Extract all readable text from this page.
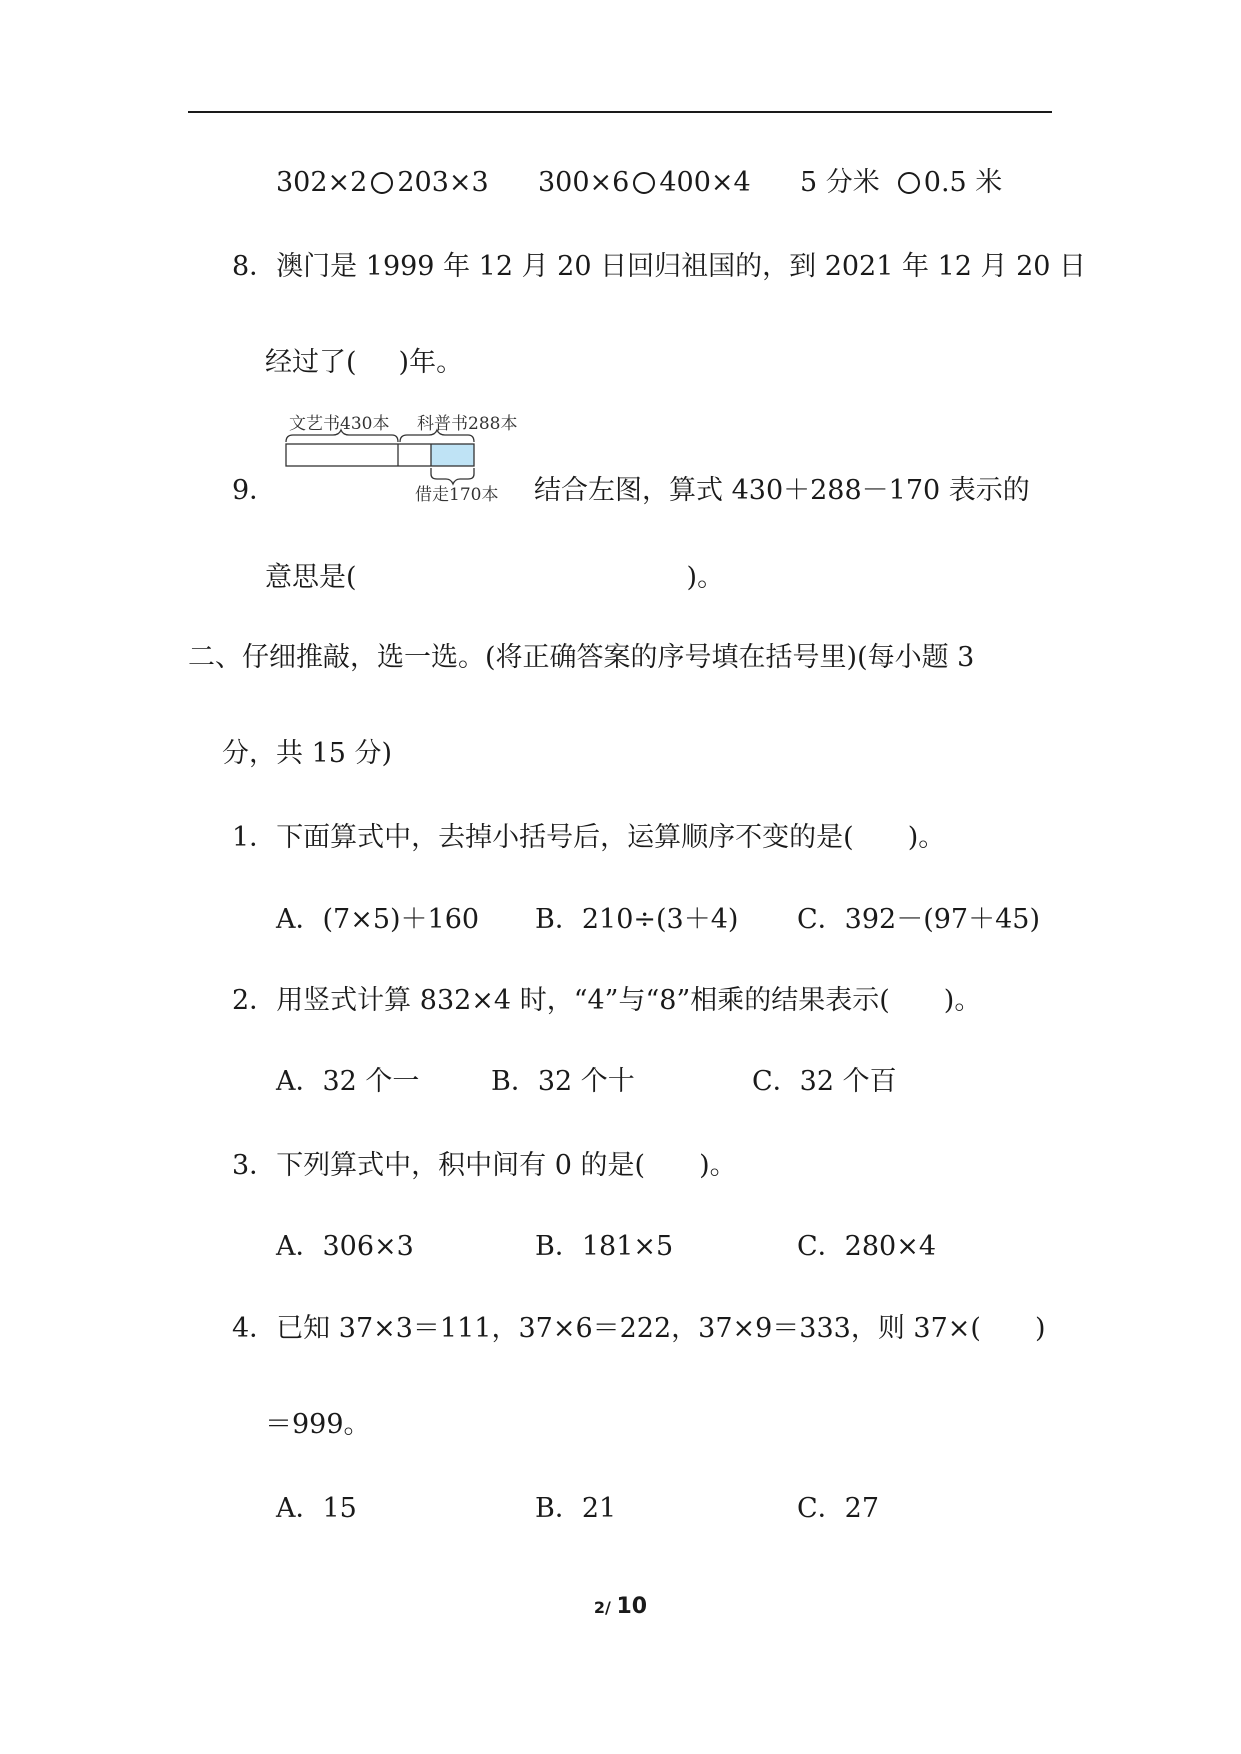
302×2 203×3 300×6 400×4 5 分米 0.5 米
8．澳门是 1999 年 12 月 20 日回归祖国的，到 2021 年 12 月 20 日
经过了( )年。
文艺书430本 科普书288本
借走170本
9．	结合左图，算式 430＋288－170 表示的
意思是(	)。
二、仔细推敲，选一选。(将正确答案的序号填在括号里)(每小题 3
分，共 15 分)
1．下面算式中，去掉小括号后，运算顺序不变的是(　　)。
A．(7×5)＋160 B．210÷(3＋4) C．392－(97＋45)
2．用竖式计算 832×4 时，“4”与“8”相乘的结果表示(　　)。
A．32 个一	B．32 个十	C．32 个百
3．下列算式中，积中间有 0 的是(　　)。
A．306×3	B．181×5	C．280×4
4．已知 37×3＝111，37×6＝222，37×9＝333，则 37×(　　)
＝999。
A．15	B．21	C．27
2/ 10
